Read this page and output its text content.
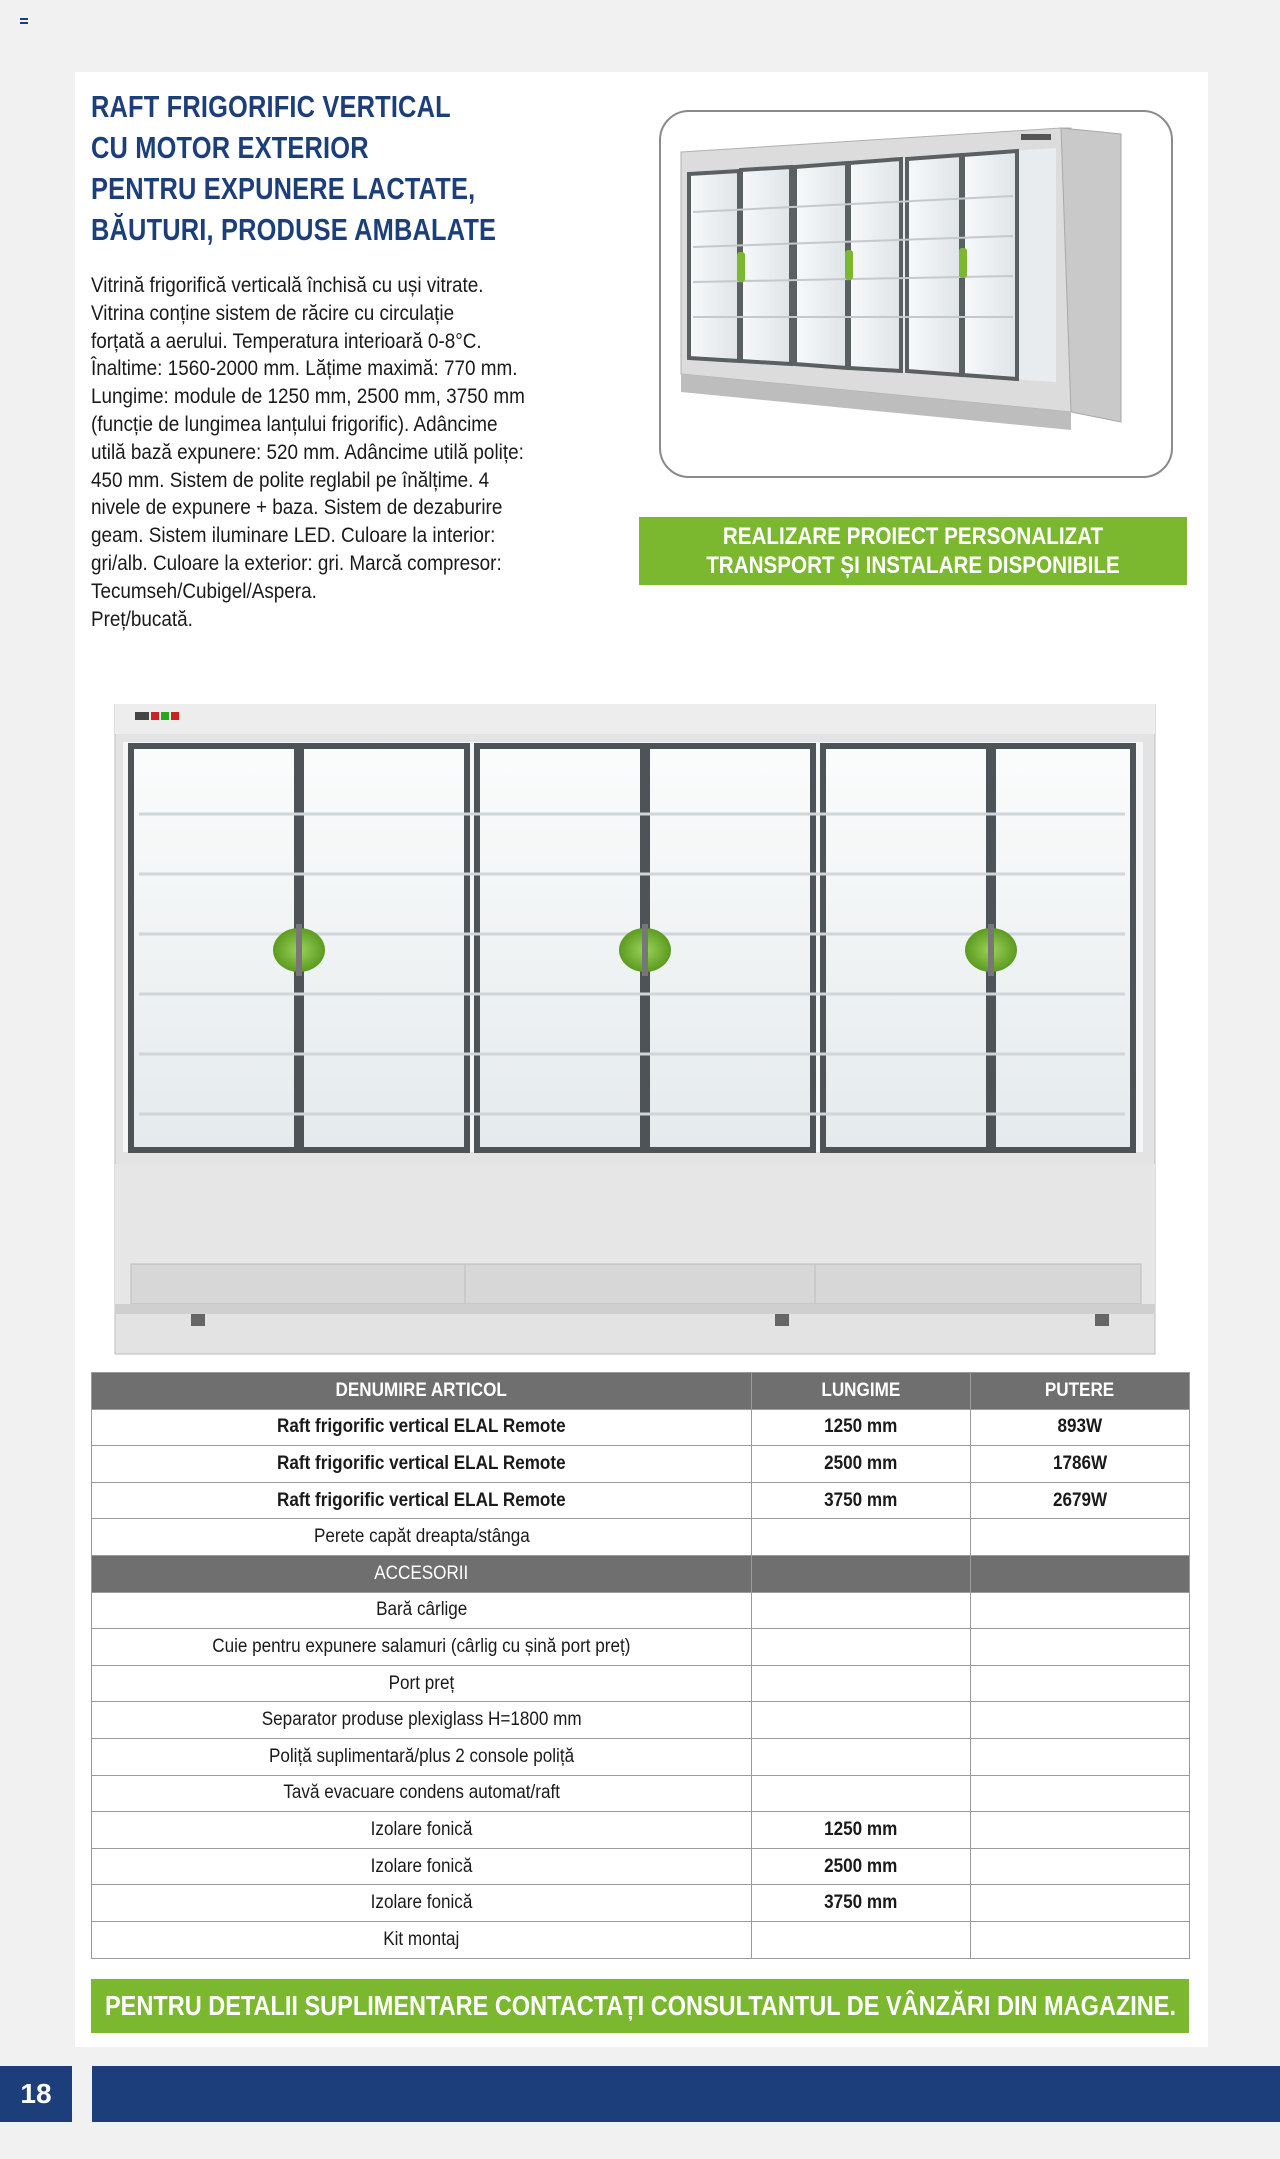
RAFT FRIGORIFIC VERTICAL
CU MOTOR EXTERIOR
PENTRU EXPUNERE LACTATE,
BĂUTURI, PRODUSE AMBALATE
Vitrină frigorifică verticală închisă cu uși vitrate.
Vitrina conține sistem de răcire cu circulație
forțată a aerului. Temperatura interioară 0-8°C.
Înaltime: 1560-2000 mm. Lățime maximă: 770 mm.
Lungime: module de 1250 mm, 2500 mm, 3750 mm
(funcție de lungimea lanțului frigorific). Adâncime
utilă bază expunere: 520 mm. Adâncime utilă polițe:
450 mm. Sistem de polite reglabil pe înălțime. 4
nivele de expunere + baza. Sistem de dezaburire
geam. Sistem iluminare LED. Culoare la interior:
gri/alb. Culoare la exterior: gri. Marcă compresor:
Tecumseh/Cubigel/Aspera.
Preț/bucată.
REALIZARE PROIECT PERSONALIZAT
TRANSPORT ȘI INSTALARE DISPONIBILE
DENUMIRE ARTICOL	LUNGIME	PUTERE
Raft frigorific vertical ELAL Remote	1250 mm	893W
Raft frigorific vertical ELAL Remote	2500 mm	1786W
Raft frigorific vertical ELAL Remote	3750 mm	2679W
Perete capăt dreapta/stânga		
ACCESORII		
Bară cârlige		
Cuie pentru expunere salamuri (cârlig cu șină port preț)		
Port preț		
Separator produse plexiglass H=1800 mm		
Poliță suplimentară/plus 2 console poliță		
Tavă evacuare condens automat/raft		
Izolare fonică	1250 mm	
Izolare fonică	2500 mm	
Izolare fonică	3750 mm	
Kit montaj		
PENTRU DETALII SUPLIMENTARE CONTACTAȚI CONSULTANTUL DE VÂNZĂRI DIN MAGAZINE.
18
